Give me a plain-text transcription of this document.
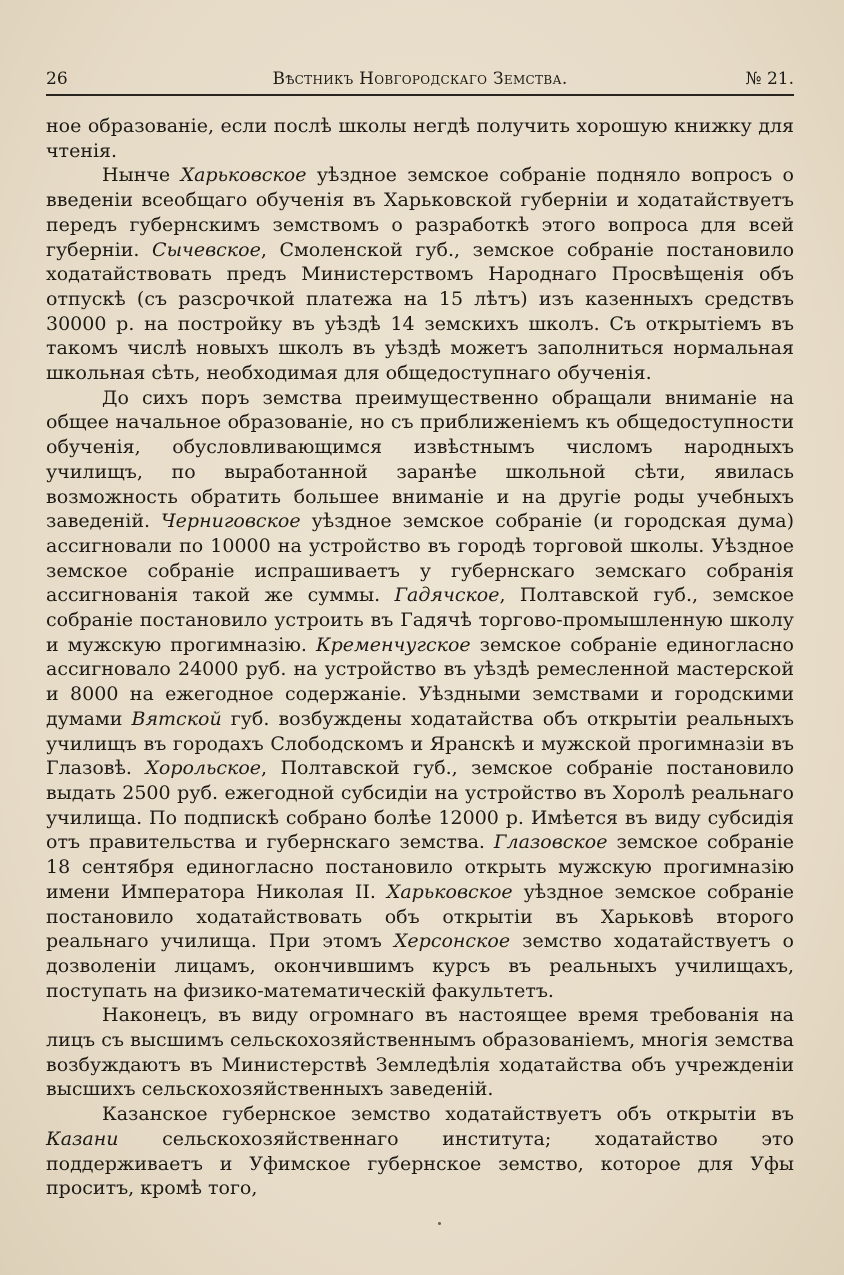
26	Вѣстникъ Новгородскаго Земства.	№ 21.

ное образованіе, если послѣ школы негдѣ получить хорошую книжку для чтенія.

Нынче Харьковское уѣздное земское собраніе подняло вопросъ о введеніи всеобщаго обученія въ Харьковской губерніи и ходатайствуетъ передъ губернскимъ земствомъ о разработкѣ этого вопроса для всей губерніи. Сычевское, Смоленской губ., земское собраніе постановило ходатайствовать предъ Министерствомъ Народнаго Просвѣщенія объ отпускѣ (съ разсрочкой платежа на 15 лѣтъ) изъ казенныхъ средствъ 30000 р. на постройку въ уѣздѣ 14 земскихъ школъ. Съ открытіемъ въ такомъ числѣ новыхъ школъ въ уѣздѣ можетъ заполниться нормальная школьная сѣть, необходимая для общедоступнаго обученія.

До сихъ поръ земства преимущественно обращали вниманіе на общее начальное образованіе, но съ приближеніемъ къ общедоступности обученія, обусловливающимся извѣстнымъ числомъ народныхъ училищъ, по выработанной заранѣе школьной сѣти, явилась возможность обратить большее вниманіе и на другіе роды учебныхъ заведеній. Черниговское уѣздное земское собраніе (и городская дума) ассигновали по 10000 на устройство въ городѣ торговой школы. Уѣздное земское собраніе испрашиваетъ у губернскаго земскаго собранія ассигнованія такой же суммы. Гадячское, Полтавской губ., земское собраніе постановило устроить въ Гадячѣ торгово-промышленную школу и мужскую прогимназію. Кременчугское земское собраніе единогласно ассигновало 24000 руб. на устройство въ уѣздѣ ремесленной мастерской и 8000 на ежегодное содержаніе. Уѣздными земствами и городскими думами Вятской губ. возбуждены ходатайства объ открытіи реальныхъ училищъ въ городахъ Слободскомъ и Яранскѣ и мужской прогимназіи въ Глазовѣ. Хорольское, Полтавской губ., земское собраніе постановило выдать 2500 руб. ежегодной субсидіи на устройство въ Хоролѣ реальнаго училища. По подпискѣ собрано болѣе 12000 р. Имѣется въ виду субсидія отъ правительства и губернскаго земства. Глазовское земское собраніе 18 сентября единогласно постановило открыть мужскую прогимназію имени Императора Николая II. Харьковское уѣздное земское собраніе постановило ходатайствовать объ открытіи въ Харьковѣ второго реальнаго училища. При этомъ Херсонское земство ходатайствуетъ о дозволеніи лицамъ, окончившимъ курсъ въ реальныхъ училищахъ, поступать на физико-математическій факультетъ.

Наконецъ, въ виду огромнаго въ настоящее время требованія на лицъ съ высшимъ сельскохозяйственнымъ образованіемъ, многія земства возбуждаютъ въ Министерствѣ Земледѣлія ходатайства объ учрежденіи высшихъ сельскохозяйственныхъ заведеній.

Казанское губернское земство ходатайствуетъ объ открытіи въ Казани сельскохозяйственнаго института; ходатайство это поддерживаетъ и Уфимское губернское земство, которое для Уфы проситъ, кромѣ того,
